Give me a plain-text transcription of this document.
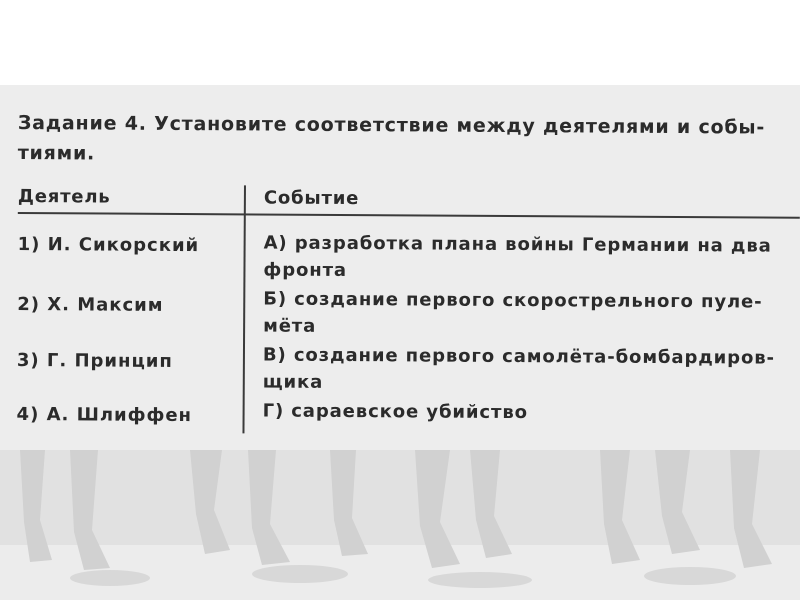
Задание 4. Установите соответствие между деятелями и собы-
тиями.
Деятель	Событие
1) И. Сикорский
2) Х. Максим
3) Г. Принцип
4) А. Шлиффен
А) разработка плана войны Германии на два
фронта
Б) создание первого скорострельного пуле-
мёта
В) создание первого самолёта-бомбардиров-
щика
Г) сараевское убийство
